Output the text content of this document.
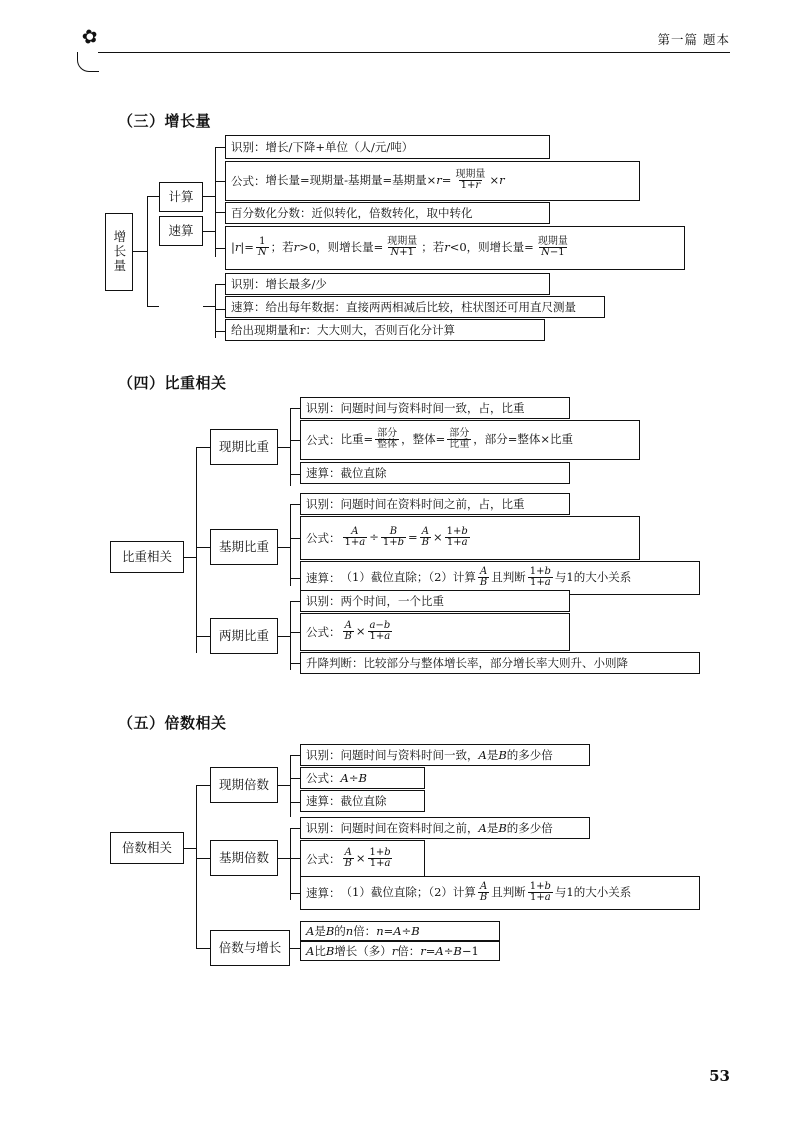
✿	第一篇 题本
（三）增长量
增长量
计算
识别： 增长/下降+单位（人/元/吨）
公式： 增长量=现期量-基期量=基期量$\times r= \frac{\text{现期量}}{1+r} \times r$
速算
百分数化分数：近似转化，倍数转化，取中转化
$|r|= \frac{1}{N}$ ；若r>0，则增长量= $\frac{\text{现期量}}{N+1}$ ；若r<0，则增长量= $\frac{\text{现期量}}{N-1}$
识别： 增长最多/少
速算： 给出每年数据：直接两两相减后比较，柱状图还可用直尺测量
给出现期量和r：大大则大，否则百化分计算
（四）比重相关
比重相关
现期比重
识别： 问题时间与资料时间一致，占，比重
公式： 比重= $\frac{\text{部分}}{\text{整体}}$ ，整体= $\frac{\text{部分}}{\text{比重}}$ ，部分=整体×比重
速算： 截位直除
基期比重
识别： 问题时间在资料时间之前，占，比重
公式： $\frac{A}{1+a} \div \frac{B}{1+b} = \frac{A}{B} \times \frac{1+b}{1+a}$
速算： （1）截位直除；（2）计算 $\frac{A}{B}$ 且判断 $\frac{1+b}{1+a}$ 与1的大小关系
两期比重
识别： 两个时间，一个比重
公式： $\frac{A}{B} \times \frac{a-b}{1+a}$
升降判断： 比较部分与整体增长率，部分增长率大则升、小则降
（五）倍数相关
倍数相关
现期倍数
识别： 问题时间与资料时间一致，A是B的多少倍
公式： A÷B
速算： 截位直除
基期倍数
识别： 问题时间在资料时间之前，A是B的多少倍
公式： $\frac{A}{B} \times \frac{1+b}{1+a}$
速算： （1）截位直除；（2）计算 $\frac{A}{B}$ 且判断 $\frac{1+b}{1+a}$ 与1的大小关系
倍数与增长
A是B的n倍：n=A÷B
A比B增长（多）r倍：r=A÷B−1
53
